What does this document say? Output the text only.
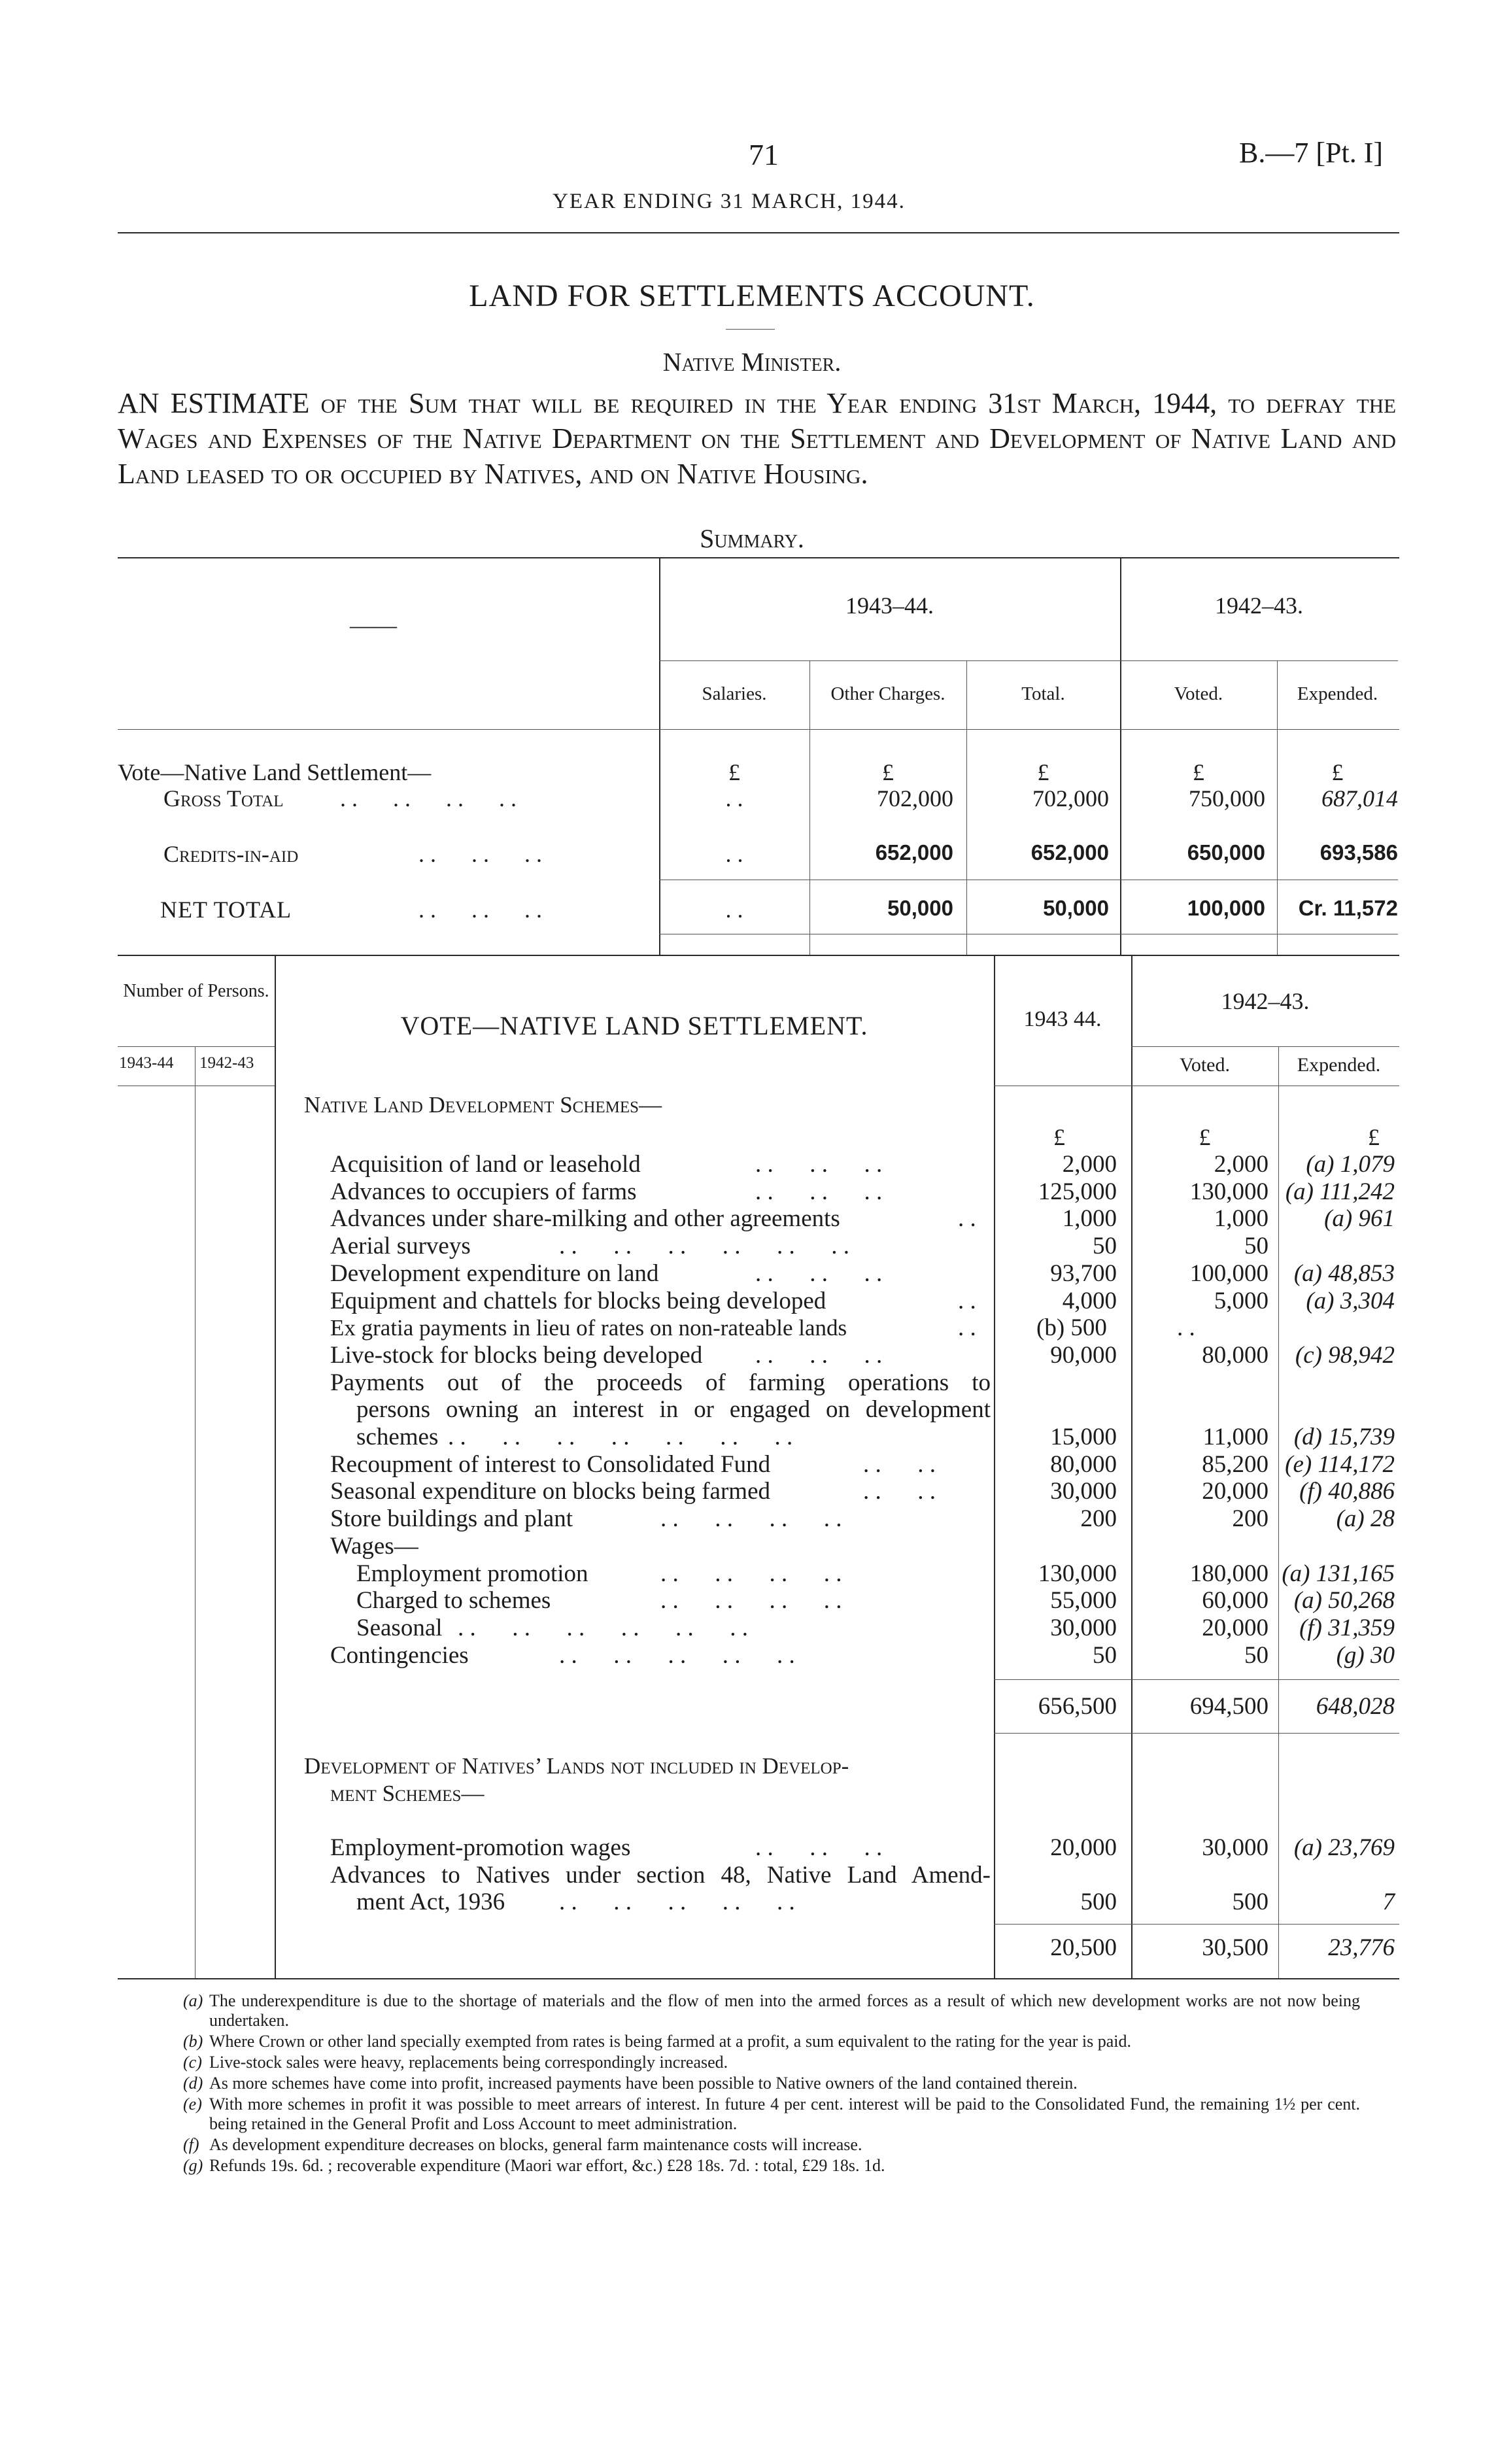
71	B.—7 [Pt. I]
YEAR ENDING 31 MARCH, 1944.
LAND FOR SETTLEMENTS ACCOUNT.
Native Minister.
AN ESTIMATE of the Sum that will be required in the Year ending 31st March, 1944, to defray the Wages and Expenses of the Native Department on the Settlement and Development of Native Land and Land leased to or occupied by Natives, and on Native Housing.
Summary.
——
1943–44.	1942–43.
Salaries.	Other Charges.	Total.	Voted.	Expended.
£	£	£	£	£
Vote—Native Land Settlement—
Gross Total . .      . .      . .      . .	. .	702,000	702,000	750,000	687,014
Credits-in-aid	. .      . .      . .	. .	652,000	652,000	650,000	693,586
NET TOTAL	. .      . .      . .	. .	50,000	50,000	100,000	Cr. 11,572
Number of Persons.
1943-44 1942-43
VOTE—NATIVE LAND SETTLEMENT.	1943 44.
1942–43.
Voted.	Expended.
Native Land Development Schemes—
£	£	£
Acquisition of land or leasehold	. .      . .      . .	2,000	2,000	(a) 1,079
Advances to occupiers of farms	. .      . .      . .	125,000	130,000 (a) 111,242
Advances under share-milking and other agreements	. .	1,000	1,000	(a) 961
Aerial surveys	. .      . .      . .      . .      . .      . .	50	50
Development expenditure on land	. .      . .      . .	93,700	100,000	(a) 48,853
Equipment and chattels for blocks being developed	. .	4,000	5,000	(a) 3,304
Ex gratia payments in lieu of rates on non-rateable lands	. . (b) 500	. .
Live-stock for blocks being developed . .      . .      . .	90,000	80,000	(c) 98,942
Payments out of the proceeds of farming operations to
persons owning an interest in or engaged on development
schemes . .      . .      . .      . .      . .      . .      . .	15,000	11,000	(d) 15,739
Recoupment of interest to Consolidated Fund	. .      . .	80,000	85,200 (e) 114,172
Seasonal expenditure on blocks being farmed	. .      . .	30,000	20,000	(f) 40,886
Store buildings and plant	. .      . .      . .      . .	200	200	(a) 28
Wages—
Employment promotion	. .      . .      . .      . .	130,000	180,000 (a) 131,165
Charged to schemes	. .      . .      . .      . .	55,000	60,000	(a) 50,268
Seasonal . .      . .      . .      . .      . .      . .	30,000	20,000	(f) 31,359
Contingencies	. .      . .      . .      . .      . .	50	50	(g) 30
656,500	694,500	648,028
Development of Natives’ Lands not included in Develop-
ment Schemes—
Employment-promotion wages	. .      . .      . .	20,000	30,000	(a) 23,769
Advances to Natives under section 48, Native Land Amend-
ment Act, 1936 . .      . .      . .      . .      . .	500	500	7
20,500	30,500	23,776
(a) The underexpenditure is due to the shortage of materials and the flow of men into the armed forces as a result of which new development works are not now being undertaken.
(b) Where Crown or other land specially exempted from rates is being farmed at a profit, a sum equivalent to the rating for the year is paid.
(c) Live-stock sales were heavy, replacements being correspondingly increased.
(d) As more schemes have come into profit, increased payments have been possible to Native owners of the land contained therein.
(e) With more schemes in profit it was possible to meet arrears of interest. In future 4 per cent. interest will be paid to the Consolidated Fund, the remaining 1½ per cent. being retained in the General Profit and Loss Account to meet administration.
(f) As development expenditure decreases on blocks, general farm maintenance costs will increase.
(g) Refunds 19s. 6d. ; recoverable expenditure (Maori war effort, &c.) £28 18s. 7d. : total, £29 18s. 1d.
